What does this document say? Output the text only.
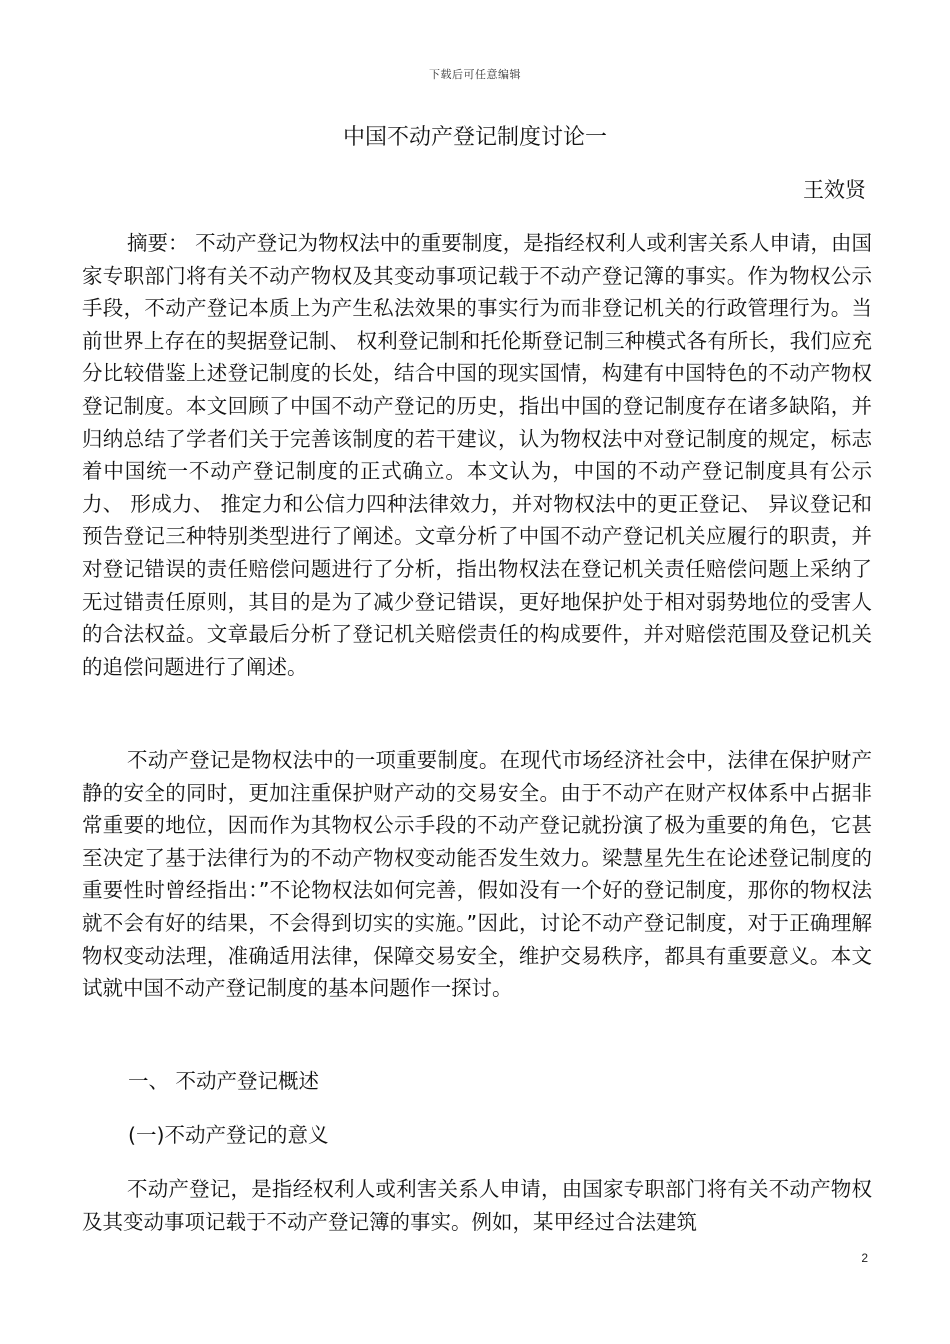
下载后可任意编辑
中国不动产登记制度讨论一
王效贤

摘要： 不动产登记为物权法中的重要制度，是指经权利人或利害关系人申请，由国家专职部门将有关不动产物权及其变动事项记载于不动产登记簿的事实。作为物权公示手段，不动产登记本质上为产生私法效果的事实行为而非登记机关的行政管理行为。当前世界上存在的契据登记制、 权利登记制和托伦斯登记制三种模式各有所长，我们应充分比较借鉴上述登记制度的长处，结合中国的现实国情，构建有中国特色的不动产物权登记制度。本文回顾了中国不动产登记的历史，指出中国的登记制度存在诸多缺陷，并归纳总结了学者们关于完善该制度的若干建议，认为物权法中对登记制度的规定，标志着中国统一不动产登记制度的正式确立。本文认为，中国的不动产登记制度具有公示力、 形成力、 推定力和公信力四种法律效力，并对物权法中的更正登记、 异议登记和预告登记三种特别类型进行了阐述。文章分析了中国不动产登记机关应履行的职责，并对登记错误的责任赔偿问题进行了分析，指出物权法在登记机关责任赔偿问题上采纳了无过错责任原则，其目的是为了减少登记错误，更好地保护处于相对弱势地位的受害人的合法权益。文章最后分析了登记机关赔偿责任的构成要件，并对赔偿范围及登记机关的追偿问题进行了阐述。

不动产登记是物权法中的一项重要制度。在现代市场经济社会中，法律在保护财产静的安全的同时，更加注重保护财产动的交易安全。由于不动产在财产权体系中占据非常重要的地位，因而作为其物权公示手段的不动产登记就扮演了极为重要的角色，它甚至决定了基于法律行为的不动产物权变动能否发生效力。梁慧星先生在论述登记制度的重要性时曾经指出：”不论物权法如何完善，假如没有一个好的登记制度，那你的物权法就不会有好的结果，不会得到切实的实施。”因此，讨论不动产登记制度，对于正确理解物权变动法理，准确适用法律，保障交易安全，维护交易秩序，都具有重要意义。本文试就中国不动产登记制度的基本问题作一探讨。

一、 不动产登记概述

(一)不动产登记的意义

不动产登记，是指经权利人或利害关系人申请，由国家专职部门将有关不动产物权及其变动事项记载于不动产登记簿的事实。例如，某甲经过合法建筑

2
